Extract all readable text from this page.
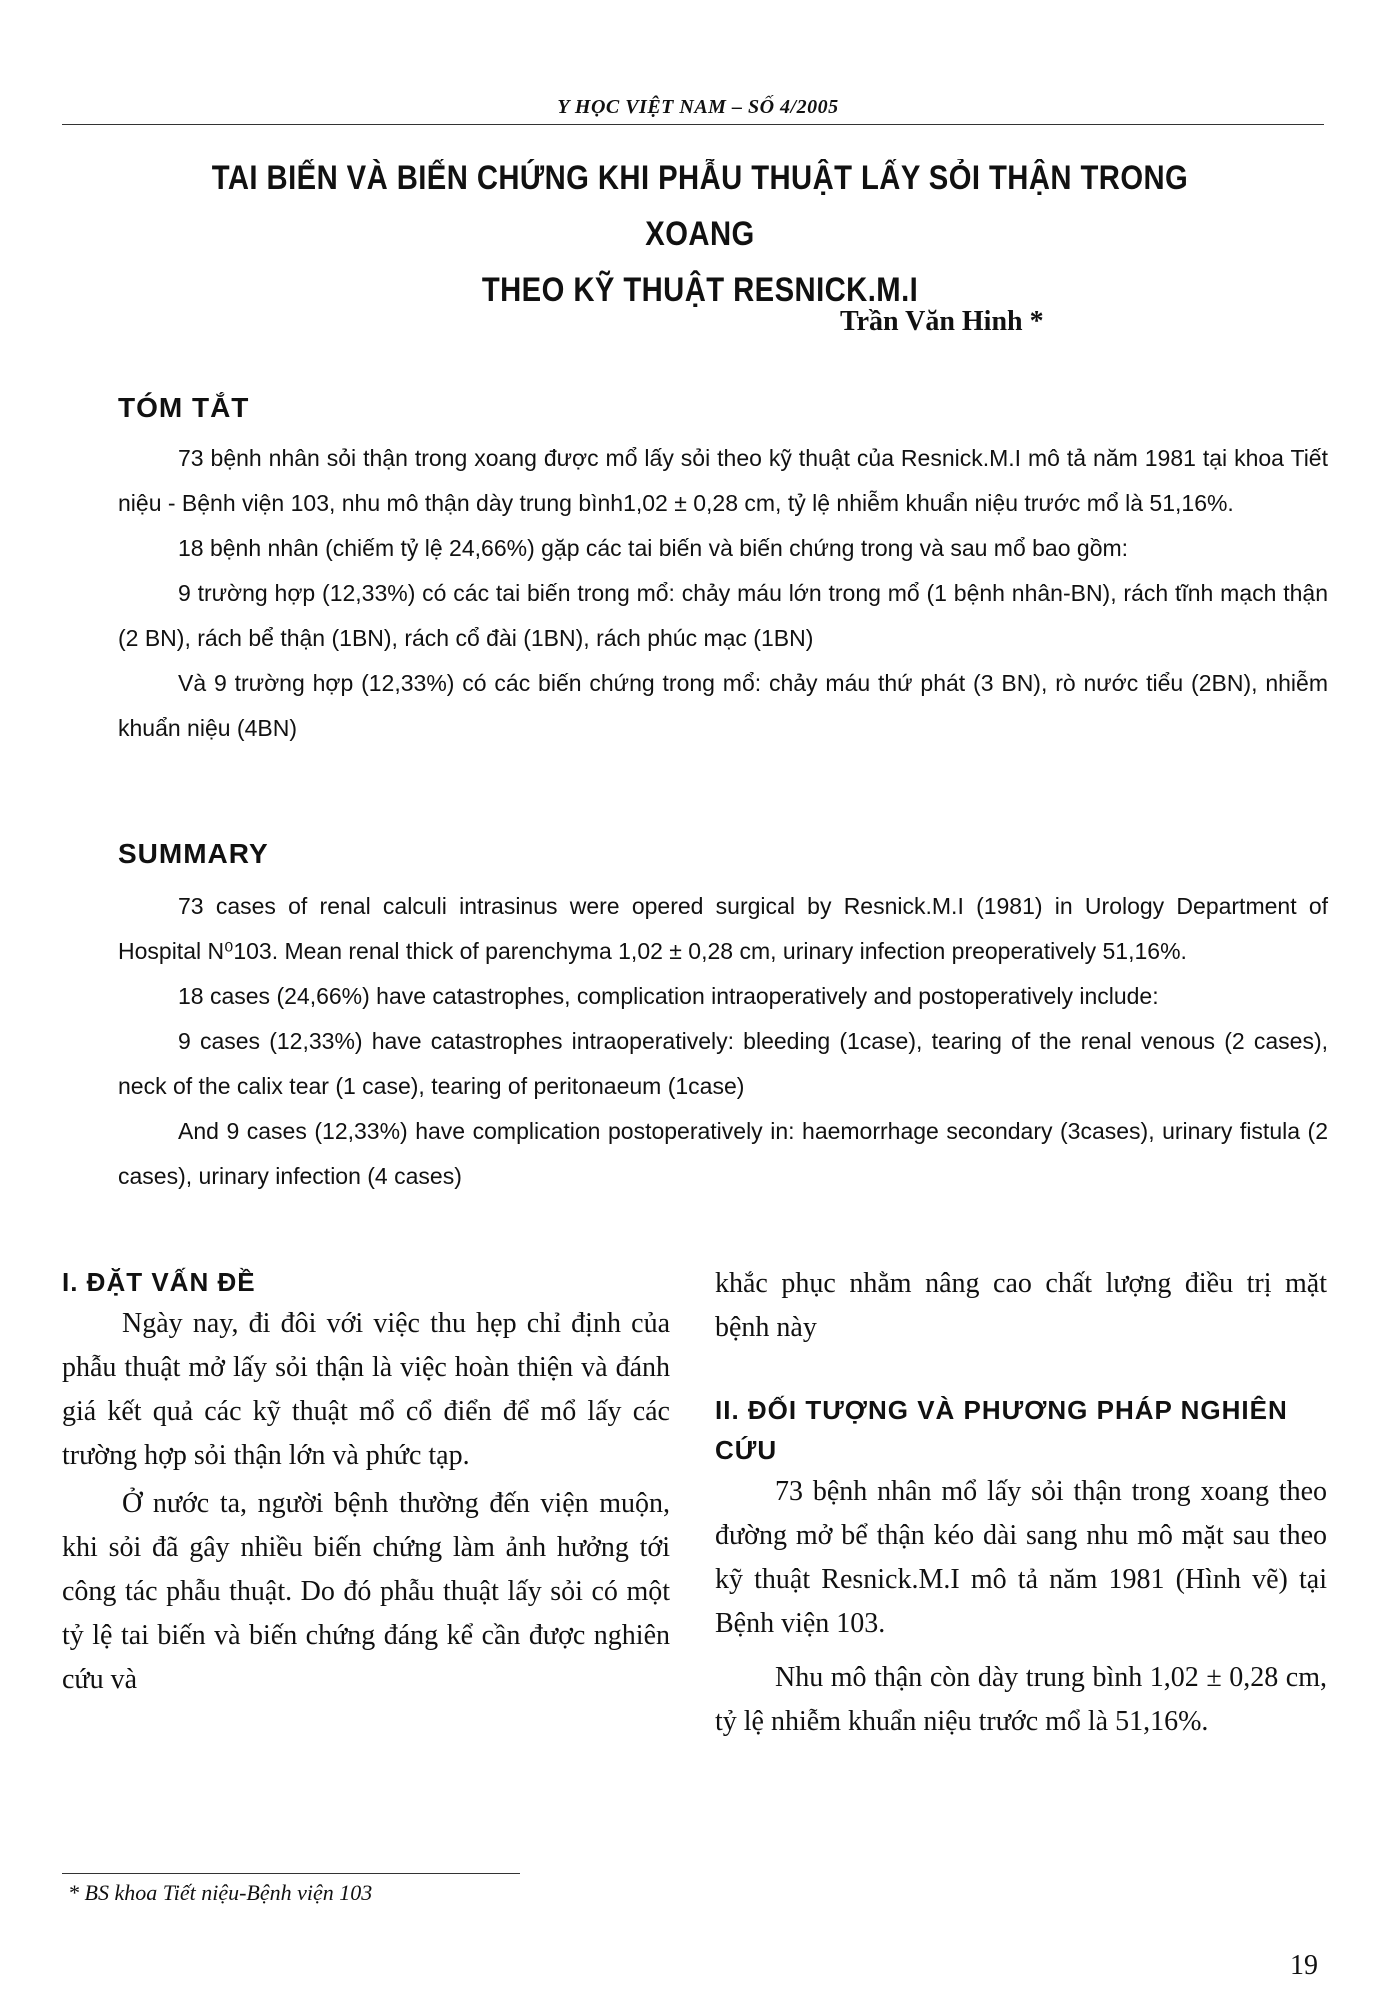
Y HỌC VIỆT NAM – SỐ 4/2005
TAI BIẾN VÀ BIẾN CHỨNG KHI PHẪU THUẬT LẤY SỎI THẬN TRONG XOANG
THEO KỸ THUẬT RESNICK.M.I
Trần Văn Hinh *
TÓM TẮT

73 bệnh nhân sỏi thận trong xoang được mổ lấy sỏi theo kỹ thuật của Resnick.M.I mô tả năm 1981 tại khoa Tiết niệu - Bệnh viện 103, nhu mô thận dày trung bình1,02 ± 0,28 cm, tỷ lệ nhiễm khuẩn niệu trước mổ là 51,16%.

18 bệnh nhân (chiếm tỷ lệ 24,66%) gặp các tai biến và biến chứng trong và sau mổ bao gồm:

9 trường hợp (12,33%) có các tai biến trong mổ: chảy máu lớn trong mổ (1 bệnh nhân-BN), rách tĩnh mạch thận (2 BN), rách bể thận (1BN), rách cổ đài (1BN), rách phúc mạc (1BN)

Và 9 trường hợp (12,33%) có các biến chứng trong mổ: chảy máu thứ phát (3 BN), rò nước tiểu (2BN), nhiễm khuẩn niệu (4BN)

SUMMARY

73 cases of renal calculi intrasinus were opered surgical by Resnick.M.I (1981) in Urology Department of Hospital N⁰103. Mean renal thick of parenchyma 1,02 ± 0,28 cm, urinary infection preoperatively 51,16%.

18 cases (24,66%) have catastrophes, complication intraoperatively and postoperatively include:

9 cases (12,33%) have catastrophes intraoperatively: bleeding (1case), tearing of the renal venous (2 cases), neck of the calix tear (1 case), tearing of peritonaeum (1case)

And 9 cases (12,33%) have complication postoperatively in: haemorrhage secondary (3cases), urinary fistula (2 cases), urinary infection (4 cases)

I. ĐẶT VẤN ĐỀ

Ngày nay, đi đôi với việc thu hẹp chỉ định của phẫu thuật mở lấy sỏi thận là việc hoàn thiện và đánh giá kết quả các kỹ thuật mổ cổ điển để mổ lấy các trường hợp sỏi thận lớn và phức tạp.

Ở nước ta, người bệnh thường đến viện muộn, khi sỏi đã gây nhiều biến chứng làm ảnh hưởng tới công tác phẫu thuật. Do đó phẫu thuật lấy sỏi có một tỷ lệ tai biến và biến chứng đáng kể cần được nghiên cứu và

khắc phục nhằm nâng cao chất lượng điều trị mặt bệnh này

II. ĐỐI TƯỢNG VÀ PHƯƠNG PHÁP NGHIÊN CỨU

73 bệnh nhân mổ lấy sỏi thận trong xoang theo đường mở bể thận kéo dài sang nhu mô mặt sau theo kỹ thuật Resnick.M.I mô tả năm 1981 (Hình vẽ) tại Bệnh viện 103.

Nhu mô thận còn dày trung bình 1,02 ± 0,28 cm, tỷ lệ nhiễm khuẩn niệu trước mổ là 51,16%.

* BS khoa Tiết niệu-Bệnh viện 103
19
